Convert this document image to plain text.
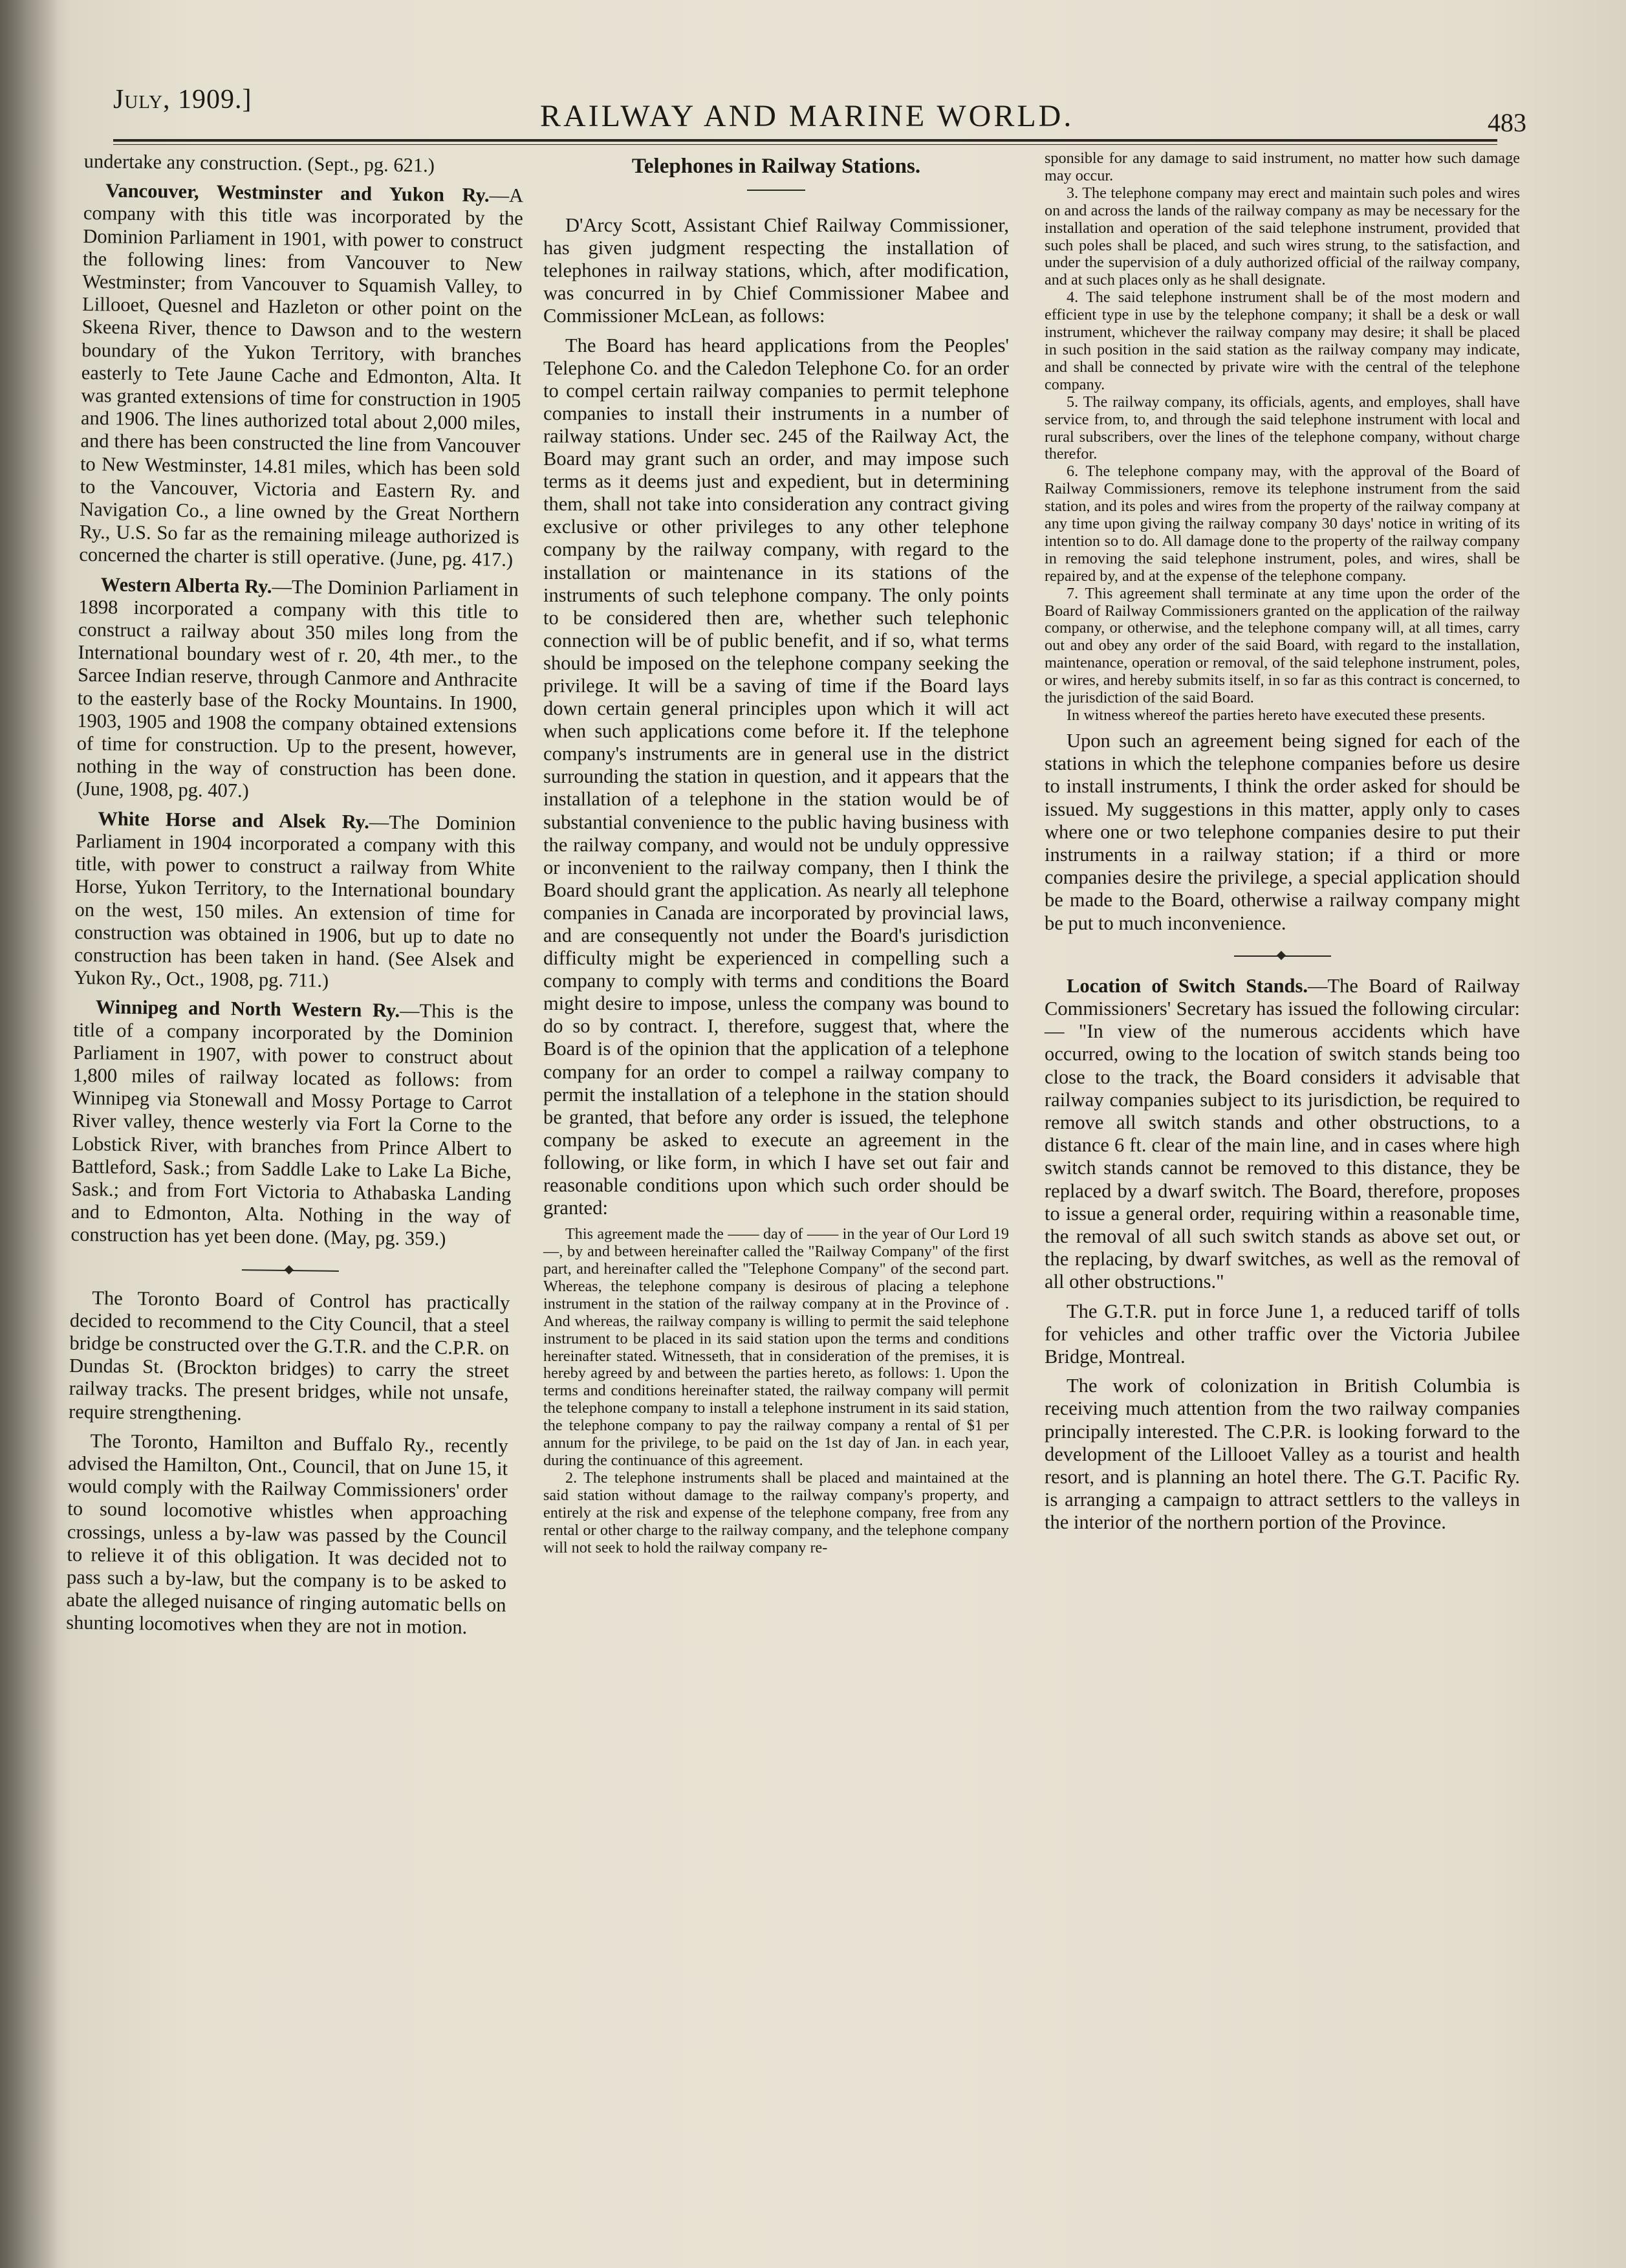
July, 1909.]	RAILWAY AND MARINE WORLD.	483

undertake any construction. (Sept., pg. 621.)

Vancouver, Westminster and Yukon Ry.—A company with this title was incorporated by the Dominion Parliament in 1901, with power to construct the following lines: from Vancouver to New Westminster; from Vancouver to Squamish Valley, to Lillooet, Quesnel and Hazleton or other point on the Skeena River, thence to Dawson and to the western boundary of the Yukon Territory, with branches easterly to Tete Jaune Cache and Edmonton, Alta. It was granted extensions of time for construction in 1905 and 1906. The lines authorized total about 2,000 miles, and there has been constructed the line from Vancouver to New Westminster, 14.81 miles, which has been sold to the Vancouver, Victoria and Eastern Ry. and Navigation Co., a line owned by the Great Northern Ry., U.S. So far as the remaining mileage authorized is concerned the charter is still operative. (June, pg. 417.)

Western Alberta Ry.—The Dominion Parliament in 1898 incorporated a company with this title to construct a railway about 350 miles long from the International boundary west of r. 20, 4th mer., to the Sarcee Indian reserve, through Canmore and Anthracite to the easterly base of the Rocky Mountains. In 1900, 1903, 1905 and 1908 the company obtained extensions of time for construction. Up to the present, however, nothing in the way of construction has been done. (June, 1908, pg. 407.)

White Horse and Alsek Ry.—The Dominion Parliament in 1904 incorporated a company with this title, with power to construct a railway from White Horse, Yukon Territory, to the International boundary on the west, 150 miles. An extension of time for construction was obtained in 1906, but up to date no construction has been taken in hand. (See Alsek and Yukon Ry., Oct., 1908, pg. 711.)

Winnipeg and North Western Ry.—This is the title of a company incorporated by the Dominion Parliament in 1907, with power to construct about 1,800 miles of railway located as follows: from Winnipeg via Stonewall and Mossy Portage to Carrot River valley, thence westerly via Fort la Corne to the Lobstick River, with branches from Prince Albert to Battleford, Sask.; from Saddle Lake to Lake La Biche, Sask.; and from Fort Victoria to Athabaska Landing and to Edmonton, Alta. Nothing in the way of construction has yet been done. (May, pg. 359.)

The Toronto Board of Control has practically decided to recommend to the City Council, that a steel bridge be constructed over the G.T.R. and the C.P.R. on Dundas St. (Brockton bridges) to carry the street railway tracks. The present bridges, while not unsafe, require strengthening.

The Toronto, Hamilton and Buffalo Ry., recently advised the Hamilton, Ont., Council, that on June 15, it would comply with the Railway Commissioners' order to sound locomotive whistles when approaching crossings, unless a by-law was passed by the Council to relieve it of this obligation. It was decided not to pass such a by-law, but the company is to be asked to abate the alleged nuisance of ringing automatic bells on shunting locomotives when they are not in motion.

Telephones in Railway Stations.

D'Arcy Scott, Assistant Chief Railway Commissioner, has given judgment respecting the installation of telephones in railway stations, which, after modification, was concurred in by Chief Commissioner Mabee and Commissioner McLean, as follows:

The Board has heard applications from the Peoples' Telephone Co. and the Caledon Telephone Co. for an order to compel certain railway companies to permit telephone companies to install their instruments in a number of railway stations. Under sec. 245 of the Railway Act, the Board may grant such an order, and may impose such terms as it deems just and expedient, but in determining them, shall not take into consideration any contract giving exclusive or other privileges to any other telephone company by the railway company, with regard to the installation or maintenance in its stations of the instruments of such telephone company. The only points to be considered then are, whether such telephonic connection will be of public benefit, and if so, what terms should be imposed on the telephone company seeking the privilege. It will be a saving of time if the Board lays down certain general principles upon which it will act when such applications come before it. If the telephone company's instruments are in general use in the district surrounding the station in question, and it appears that the installation of a telephone in the station would be of substantial convenience to the public having business with the railway company, and would not be unduly oppressive or inconvenient to the railway company, then I think the Board should grant the application. As nearly all telephone companies in Canada are incorporated by provincial laws, and are consequently not under the Board's jurisdiction difficulty might be experienced in compelling such a company to comply with terms and conditions the Board might desire to impose, unless the company was bound to do so by contract. I, therefore, suggest that, where the Board is of the opinion that the application of a telephone company for an order to compel a railway company to permit the installation of a telephone in the station should be granted, that before any order is issued, the telephone company be asked to execute an agreement in the following, or like form, in which I have set out fair and reasonable conditions upon which such order should be granted:

This agreement made the —— day of —— in the year of Our Lord 19—, by and between hereinafter called the "Railway Company" of the first part, and hereinafter called the "Telephone Company" of the second part. Whereas, the telephone company is desirous of placing a telephone instrument in the station of the railway company at in the Province of . And whereas, the railway company is willing to permit the said telephone instrument to be placed in its said station upon the terms and conditions hereinafter stated. Witnesseth, that in consideration of the premises, it is hereby agreed by and between the parties hereto, as follows: 1. Upon the terms and conditions hereinafter stated, the railway company will permit the telephone company to install a telephone instrument in its said station, the telephone company to pay the railway company a rental of $1 per annum for the privilege, to be paid on the 1st day of Jan. in each year, during the continuance of this agreement.

2. The telephone instruments shall be placed and maintained at the said station without damage to the railway company's property, and entirely at the risk and expense of the telephone company, free from any rental or other charge to the railway company, and the telephone company will not seek to hold the railway company re-

sponsible for any damage to said instrument, no matter how such damage may occur.

3. The telephone company may erect and maintain such poles and wires on and across the lands of the railway company as may be necessary for the installation and operation of the said telephone instrument, provided that such poles shall be placed, and such wires strung, to the satisfaction, and under the supervision of a duly authorized official of the railway company, and at such places only as he shall designate.

4. The said telephone instrument shall be of the most modern and efficient type in use by the telephone company; it shall be a desk or wall instrument, whichever the railway company may desire; it shall be placed in such position in the said station as the railway company may indicate, and shall be connected by private wire with the central of the telephone company.

5. The railway company, its officials, agents, and employes, shall have service from, to, and through the said telephone instrument with local and rural subscribers, over the lines of the telephone company, without charge therefor.

6. The telephone company may, with the approval of the Board of Railway Commissioners, remove its telephone instrument from the said station, and its poles and wires from the property of the railway company at any time upon giving the railway company 30 days' notice in writing of its intention so to do. All damage done to the property of the railway company in removing the said telephone instrument, poles, and wires, shall be repaired by, and at the expense of the telephone company.

7. This agreement shall terminate at any time upon the order of the Board of Railway Commissioners granted on the application of the railway company, or otherwise, and the telephone company will, at all times, carry out and obey any order of the said Board, with regard to the installation, maintenance, operation or removal, of the said telephone instrument, poles, or wires, and hereby submits itself, in so far as this contract is concerned, to the jurisdiction of the said Board.

In witness whereof the parties hereto have executed these presents.

Upon such an agreement being signed for each of the stations in which the telephone companies before us desire to install instruments, I think the order asked for should be issued. My suggestions in this matter, apply only to cases where one or two telephone companies desire to put their instruments in a railway station; if a third or more companies desire the privilege, a special application should be made to the Board, otherwise a railway company might be put to much inconvenience.

Location of Switch Stands.—The Board of Railway Commissioners' Secretary has issued the following circular:— "In view of the numerous accidents which have occurred, owing to the location of switch stands being too close to the track, the Board considers it advisable that railway companies subject to its jurisdiction, be required to remove all switch stands and other obstructions, to a distance 6 ft. clear of the main line, and in cases where high switch stands cannot be removed to this distance, they be replaced by a dwarf switch. The Board, therefore, proposes to issue a general order, requiring within a reasonable time, the removal of all such switch stands as above set out, or the replacing, by dwarf switches, as well as the removal of all other obstructions."

The G.T.R. put in force June 1, a reduced tariff of tolls for vehicles and other traffic over the Victoria Jubilee Bridge, Montreal.

The work of colonization in British Columbia is receiving much attention from the two railway companies principally interested. The C.P.R. is looking forward to the development of the Lillooet Valley as a tourist and health resort, and is planning an hotel there. The G.T. Pacific Ry. is arranging a campaign to attract settlers to the valleys in the interior of the northern portion of the Province.
